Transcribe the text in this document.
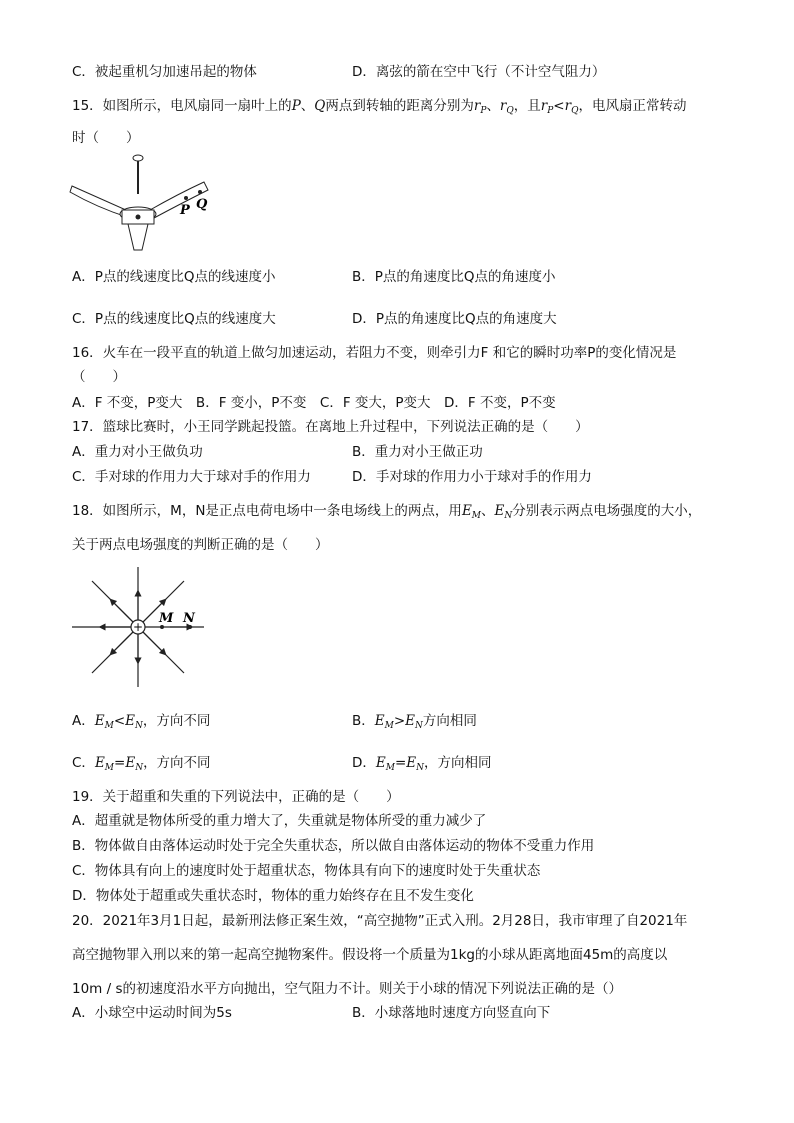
C．被起重机匀加速吊起的物体	D．离弦的箭在空中飞行（不计空气阻力）
15．如图所示，电风扇同一扇叶上的P、Q两点到转轴的距离分别为$r_P$、$r_Q$，且$r_P<r_Q$，电风扇正常转动
时（　　）
P Q
A．P点的线速度比Q点的线速度小	B．P点的角速度比Q点的角速度小
C．P点的线速度比Q点的线速度大	D．P点的角速度比Q点的角速度大
16．火车在一段平直的轨道上做匀加速运动，若阻力不变，则牵引力F 和它的瞬时功率P的变化情况是
（　　）
A．F 不变，P变大　B．F 变小，P不变　C．F 变大，P变大　D．F 不变，P不变
17．篮球比赛时，小王同学跳起投篮。在离地上升过程中，下列说法正确的是（　　）
A．重力对小王做负功	B．重力对小王做正功
C．手对球的作用力大于球对手的作用力	D．手对球的作用力小于球对手的作用力
18．如图所示，M，N是正点电荷电场中一条电场线上的两点，用$E_M$、$E_N$分别表示两点电场强度的大小，
关于两点电场强度的判断正确的是（　　）
+
M N
A．$E_M<E_N$，方向不同	B．$E_M>E_N$方向相同
C．$E_M=E_N$，方向不同	D．$E_M=E_N$，方向相同
19．关于超重和失重的下列说法中，正确的是（　　）
A．超重就是物体所受的重力增大了，失重就是物体所受的重力减少了
B．物体做自由落体运动时处于完全失重状态，所以做自由落体运动的物体不受重力作用
C．物体具有向上的速度时处于超重状态，物体具有向下的速度时处于失重状态
D．物体处于超重或失重状态时，物体的重力始终存在且不发生变化
20．2021年3月1日起，最新刑法修正案生效，“高空抛物”正式入刑。2月28日，我市审理了自2021年
高空抛物罪入刑以来的第一起高空抛物案件。假设将一个质量为1kg的小球从距离地面45m的高度以
10m / s的初速度沿水平方向抛出，空气阻力不计。则关于小球的情况下列说法正确的是（）
A．小球空中运动时间为5s	B．小球落地时速度方向竖直向下
